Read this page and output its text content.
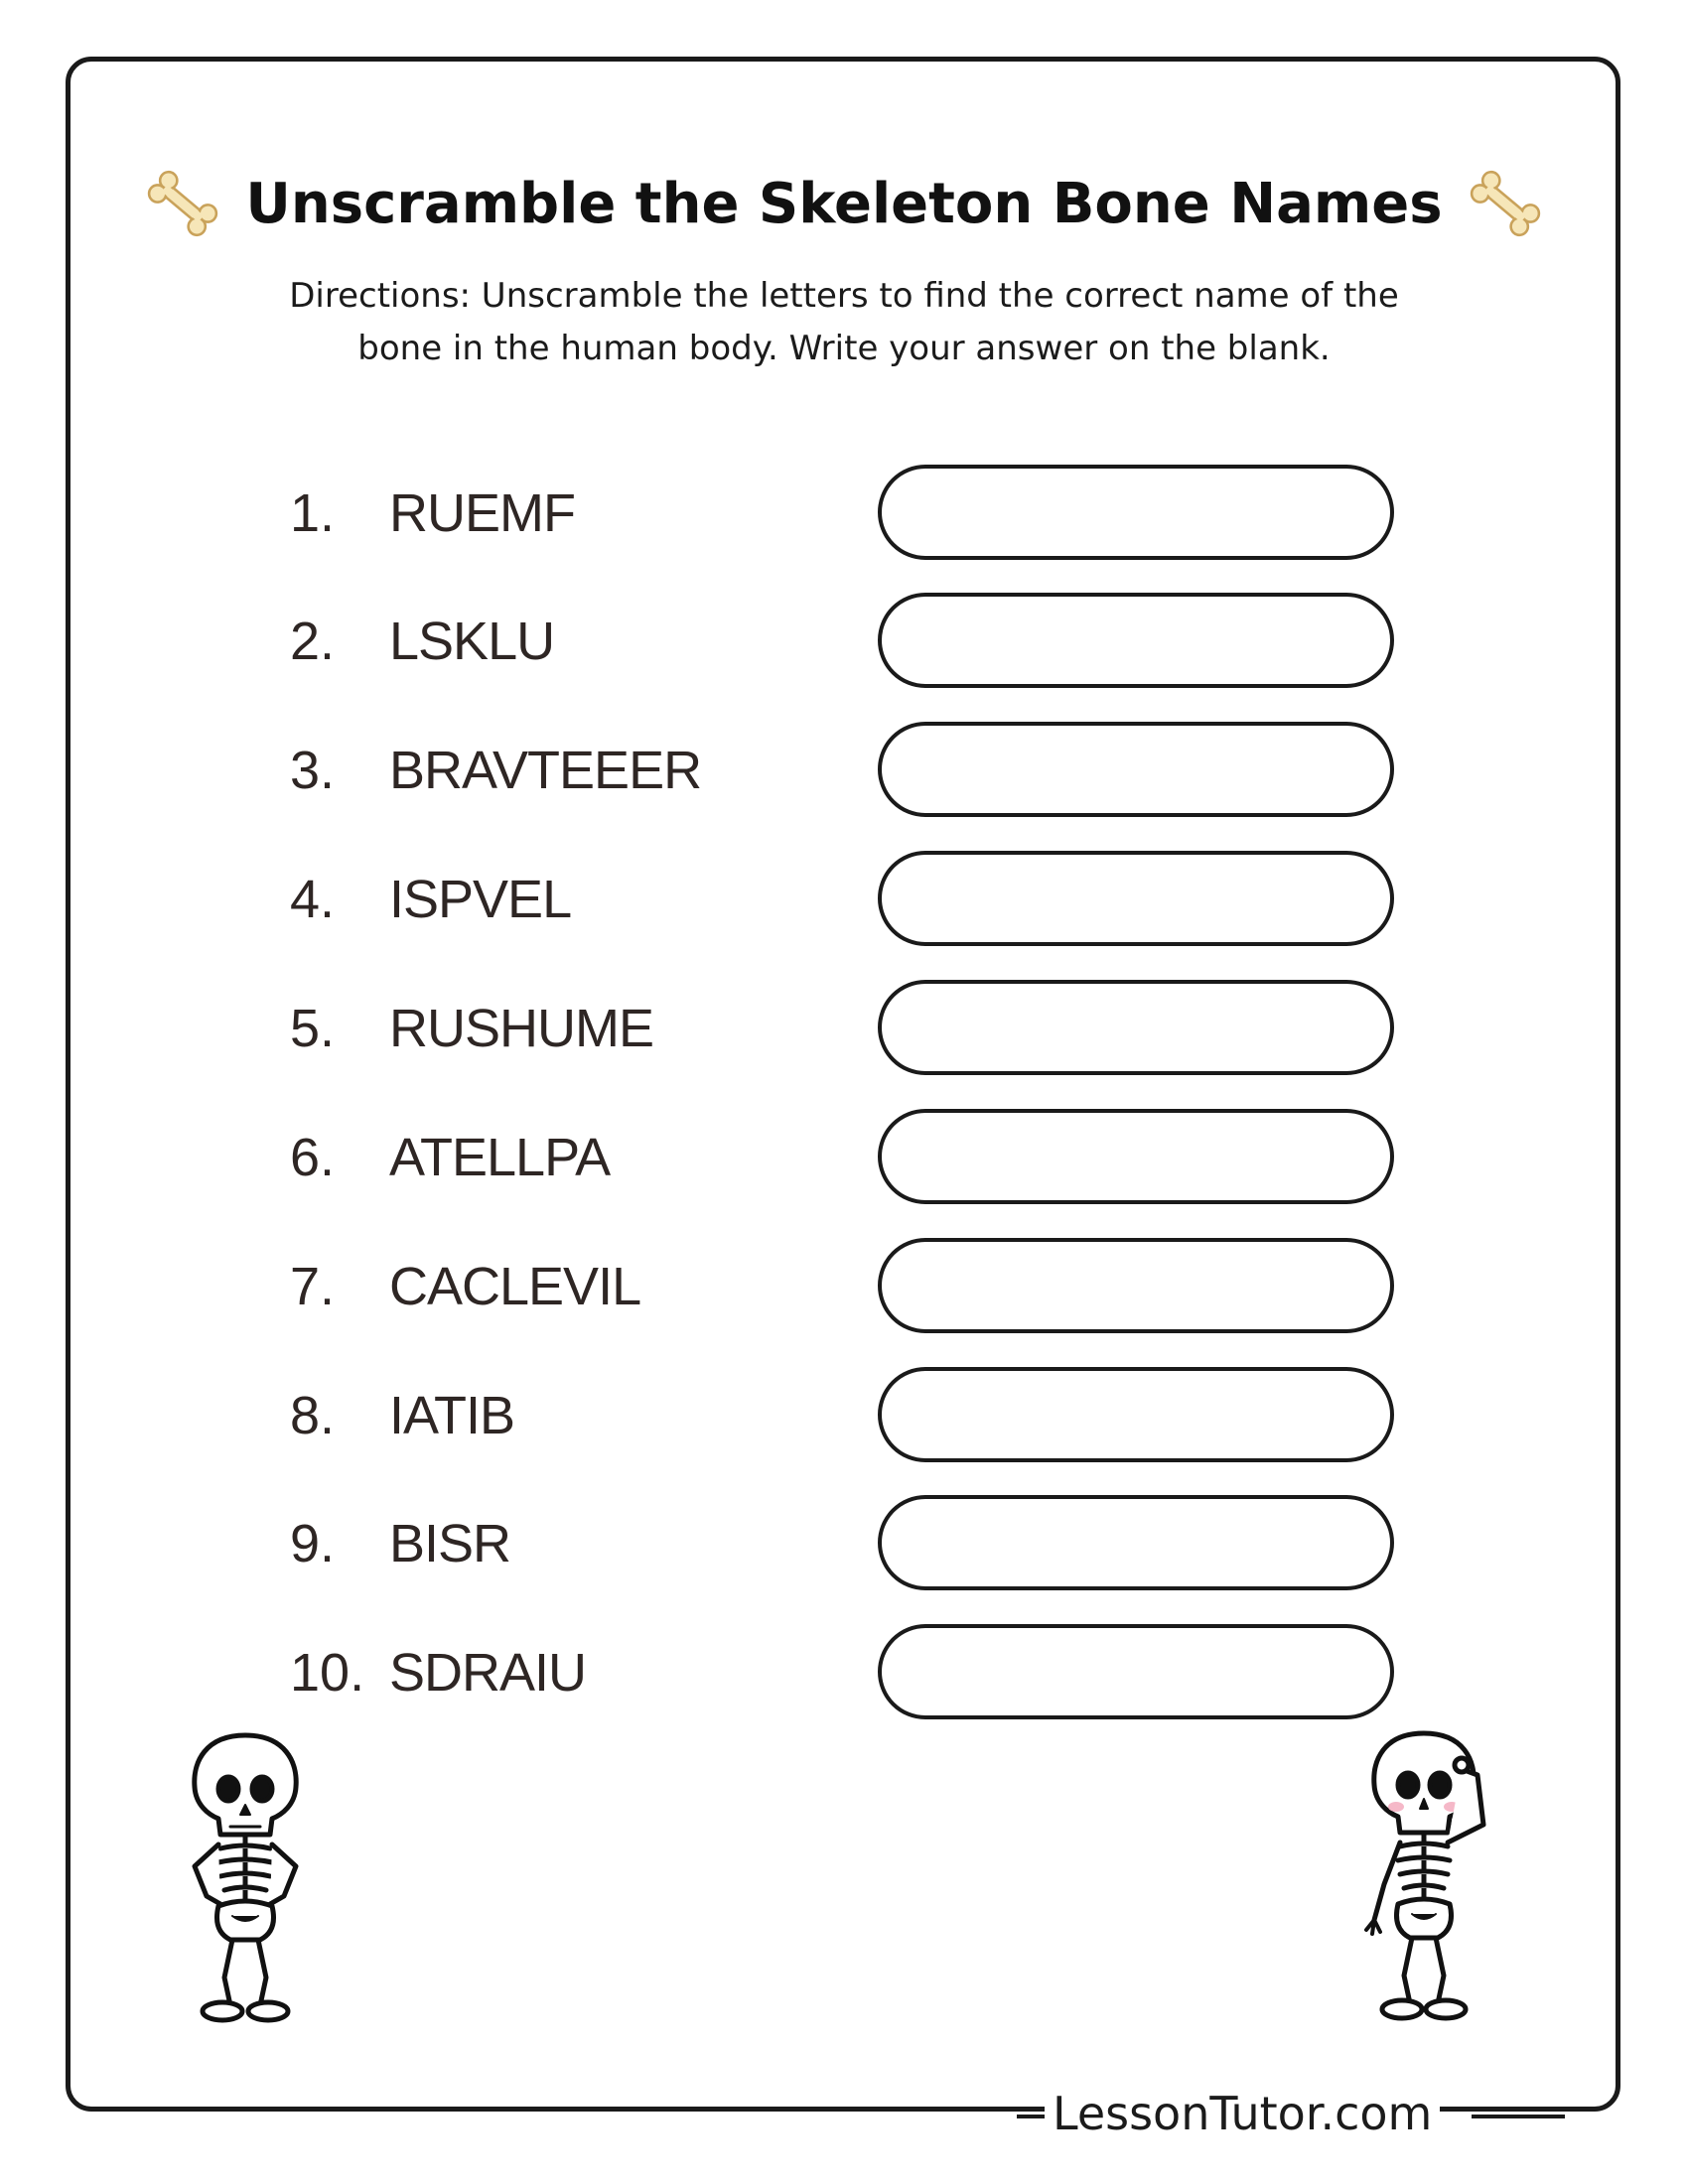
Unscramble the Skeleton Bone Names
Directions: Unscramble the letters to find the correct name of the
bone in the human body. Write your answer on the blank.
1. RUEMF
2. LSKLU
3. BRAVTEEER
4. ISPVEL
5. RUSHUME
6. ATELLPA
7. CACLEVIL
8. IATIB
9. BISR
10. SDRAIU
LessonTutor.com
